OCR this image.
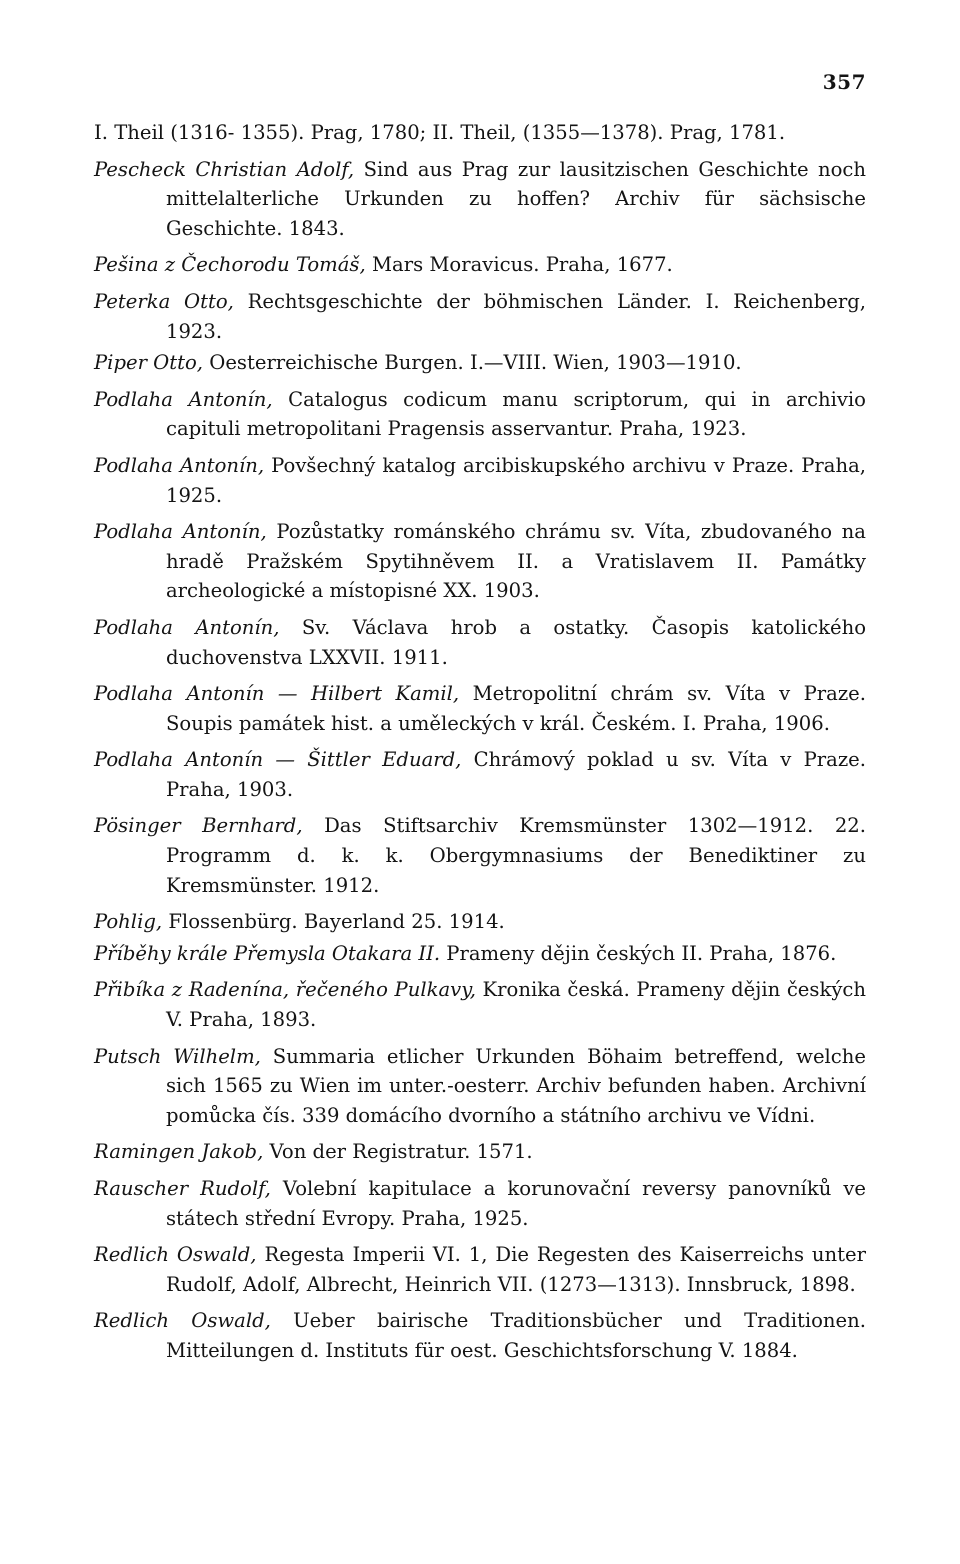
357
I. Theil (1316- 1355). Prag, 1780; II. Theil, (1355—1378). Prag, 1781.
Pescheck Christian Adolf, Sind aus Prag zur lausitzischen Geschichte noch mittelalterliche Urkunden zu hoffen? Archiv für sächsische Geschichte. 1843.
Pešina z Čechorodu Tomáš, Mars Moravicus. Praha, 1677.
Peterka Otto, Rechtsgeschichte der böhmischen Länder. I. Reichenberg, 1923.
Piper Otto, Oesterreichische Burgen. I.—VIII. Wien, 1903—1910.
Podlaha Antonín, Catalogus codicum manu scriptorum, qui in archivio capituli metropolitani Pragensis asservantur. Praha, 1923.
Podlaha Antonín, Povšechný katalog arcibiskupského archivu v Praze. Praha, 1925.
Podlaha Antonín, Pozůstatky románského chrámu sv. Víta, zbudovaného na hradě Pražském Spytihněvem II. a Vratislavem II. Památky archeologické a místopisné XX. 1903.
Podlaha Antonín, Sv. Václava hrob a ostatky. Časopis katolického duchovenstva LXXVII. 1911.
Podlaha Antonín — Hilbert Kamil, Metropolitní chrám sv. Víta v Praze. Soupis památek hist. a uměleckých v král. Českém. I. Praha, 1906.
Podlaha Antonín — Šittler Eduard, Chrámový poklad u sv. Víta v Praze. Praha, 1903.
Pösinger Bernhard, Das Stiftsarchiv Kremsmünster 1302—1912. 22. Programm d. k. k. Obergymnasiums der Benediktiner zu Kremsmünster. 1912.
Pohlig, Flossenbürg. Bayerland 25. 1914.
Příběhy krále Přemysla Otakara II. Prameny dějin českých II. Praha, 1876.
Přibíka z Radenína, řečeného Pulkavy, Kronika česká. Prameny dějin českých V. Praha, 1893.
Putsch Wilhelm, Summaria etlicher Urkunden Böhaim betreffend, welche sich 1565 zu Wien im unter.-oesterr. Archiv befunden haben. Archivní pomůcka čís. 339 domácího dvorního a státního archivu ve Vídni.
Ramingen Jakob, Von der Registratur. 1571.
Rauscher Rudolf, Volební kapitulace a korunovační reversy panovníků ve státech střední Evropy. Praha, 1925.
Redlich Oswald, Regesta Imperii VI. 1, Die Regesten des Kaiserreichs unter Rudolf, Adolf, Albrecht, Heinrich VII. (1273—1313). Innsbruck, 1898.
Redlich Oswald, Ueber bairische Traditionsbücher und Traditionen. Mitteilungen d. Instituts für oest. Geschichtsforschung V. 1884.
